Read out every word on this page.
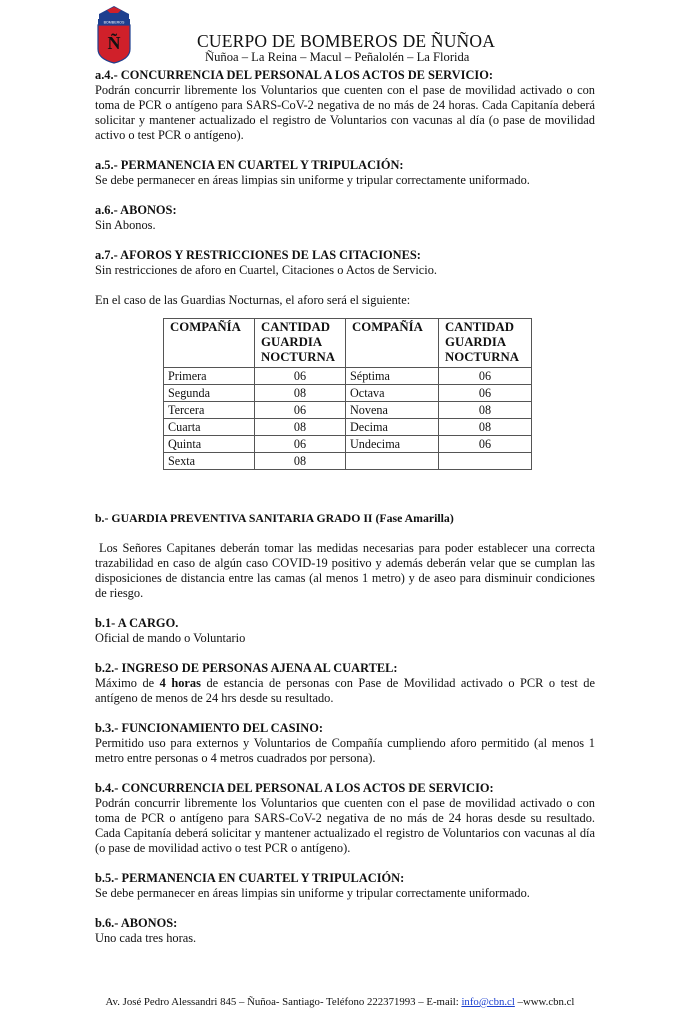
BOMBEROS
Ñ	CUERPO DE BOMBEROS DE ÑUÑOA
Ñuñoa – La Reina – Macul – Peñalolén – La Florida
a.4.- CONCURRENCIA DEL PERSONAL A LOS ACTOS DE SERVICIO:

Podrán concurrir libremente los Voluntarios que cuenten con el pase de movilidad activado o con toma de PCR o antígeno para SARS-CoV-2 negativa de no más de 24 horas. Cada Capitanía deberá solicitar y mantener actualizado el registro de Voluntarios con vacunas al día (o pase de movilidad activo o test PCR o antígeno).

a.5.- PERMANENCIA EN CUARTEL Y TRIPULACIÓN:

Se debe permanecer en áreas limpias sin uniforme y tripular correctamente uniformado.

a.6.- ABONOS:

Sin Abonos.

a.7.- AFOROS Y RESTRICCIONES DE LAS CITACIONES:

Sin restricciones de aforo en Cuartel, Citaciones o Actos de Servicio.

En el caso de las Guardias Nocturnas, el aforo será el siguiente:

COMPAÑÍA	CANTIDAD GUARDIA NOCTURNA	COMPAÑÍA	CANTIDAD GUARDIA NOCTURNA
Primera	06	Séptima	06
Segunda	08	Octava	06
Tercera	06	Novena	08
Cuarta	08	Decima	08
Quinta	06	Undecima	06
Sexta	08		
b.- GUARDIA PREVENTIVA SANITARIA GRADO II (Fase Amarilla)

Los Señores Capitanes deberán tomar las medidas necesarias para poder establecer una correcta trazabilidad en caso de algún caso COVID-19 positivo y además deberán velar que se cumplan las disposiciones de distancia entre las camas (al menos 1 metro) y de aseo para disminuir condiciones de riesgo.

b.1- A CARGO.

Oficial de mando o Voluntario

b.2.- INGRESO DE PERSONAS AJENA AL CUARTEL:

Máximo de 4 horas de estancia de personas con Pase de Movilidad activado o PCR o test de antígeno de menos de 24 hrs desde su resultado.

b.3.- FUNCIONAMIENTO DEL CASINO:

Permitido uso para externos y Voluntarios de Compañía cumpliendo aforo permitido (al menos 1 metro entre personas o 4 metros cuadrados por persona).

b.4.- CONCURRENCIA DEL PERSONAL A LOS ACTOS DE SERVICIO:

Podrán concurrir libremente los Voluntarios que cuenten con el pase de movilidad activado o con toma de PCR o antígeno para SARS-CoV-2 negativa de no más de 24 horas desde su resultado. Cada Capitanía deberá solicitar y mantener actualizado el registro de Voluntarios con vacunas al día (o pase de movilidad activo o test PCR o antígeno).

b.5.- PERMANENCIA EN CUARTEL Y TRIPULACIÓN:

Se debe permanecer en áreas limpias sin uniforme y tripular correctamente uniformado.

b.6.- ABONOS:

Uno cada tres horas.

Av. José Pedro Alessandri 845 – Ñuñoa- Santiago- Teléfono 222371993 – E-mail: info@cbn.cl –www.cbn.cl
